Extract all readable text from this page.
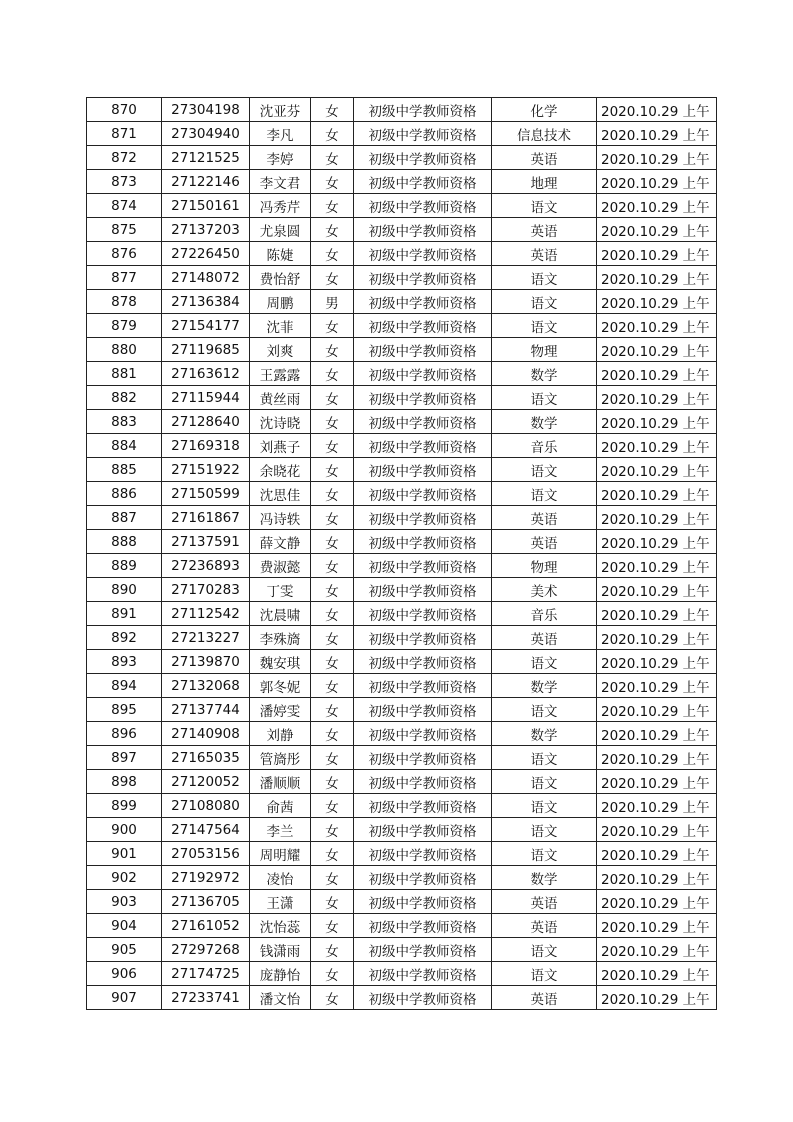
870	27304198	沈亚芬	女	初级中学教师资格	化学	2020.10.29 上午
871	27304940	李凡	女	初级中学教师资格	信息技术	2020.10.29 上午
872	27121525	李婷	女	初级中学教师资格	英语	2020.10.29 上午
873	27122146	李文君	女	初级中学教师资格	地理	2020.10.29 上午
874	27150161	冯秀芹	女	初级中学教师资格	语文	2020.10.29 上午
875	27137203	尤泉圆	女	初级中学教师资格	英语	2020.10.29 上午
876	27226450	陈婕	女	初级中学教师资格	英语	2020.10.29 上午
877	27148072	费怡舒	女	初级中学教师资格	语文	2020.10.29 上午
878	27136384	周鹏	男	初级中学教师资格	语文	2020.10.29 上午
879	27154177	沈菲	女	初级中学教师资格	语文	2020.10.29 上午
880	27119685	刘爽	女	初级中学教师资格	物理	2020.10.29 上午
881	27163612	王露露	女	初级中学教师资格	数学	2020.10.29 上午
882	27115944	黄丝雨	女	初级中学教师资格	语文	2020.10.29 上午
883	27128640	沈诗晓	女	初级中学教师资格	数学	2020.10.29 上午
884	27169318	刘燕子	女	初级中学教师资格	音乐	2020.10.29 上午
885	27151922	余晓花	女	初级中学教师资格	语文	2020.10.29 上午
886	27150599	沈思佳	女	初级中学教师资格	语文	2020.10.29 上午
887	27161867	冯诗轶	女	初级中学教师资格	英语	2020.10.29 上午
888	27137591	薛文静	女	初级中学教师资格	英语	2020.10.29 上午
889	27236893	费淑懿	女	初级中学教师资格	物理	2020.10.29 上午
890	27170283	丁雯	女	初级中学教师资格	美术	2020.10.29 上午
891	27112542	沈晨啸	女	初级中学教师资格	音乐	2020.10.29 上午
892	27213227	李殊旖	女	初级中学教师资格	英语	2020.10.29 上午
893	27139870	魏安琪	女	初级中学教师资格	语文	2020.10.29 上午
894	27132068	郭冬妮	女	初级中学教师资格	数学	2020.10.29 上午
895	27137744	潘婷雯	女	初级中学教师资格	语文	2020.10.29 上午
896	27140908	刘静	女	初级中学教师资格	数学	2020.10.29 上午
897	27165035	管旖彤	女	初级中学教师资格	语文	2020.10.29 上午
898	27120052	潘顺顺	女	初级中学教师资格	语文	2020.10.29 上午
899	27108080	俞茜	女	初级中学教师资格	语文	2020.10.29 上午
900	27147564	李兰	女	初级中学教师资格	语文	2020.10.29 上午
901	27053156	周明耀	女	初级中学教师资格	语文	2020.10.29 上午
902	27192972	凌怡	女	初级中学教师资格	数学	2020.10.29 上午
903	27136705	王潇	女	初级中学教师资格	英语	2020.10.29 上午
904	27161052	沈怡蕊	女	初级中学教师资格	英语	2020.10.29 上午
905	27297268	钱潇雨	女	初级中学教师资格	语文	2020.10.29 上午
906	27174725	庞静怡	女	初级中学教师资格	语文	2020.10.29 上午
907	27233741	潘文怡	女	初级中学教师资格	英语	2020.10.29 上午
